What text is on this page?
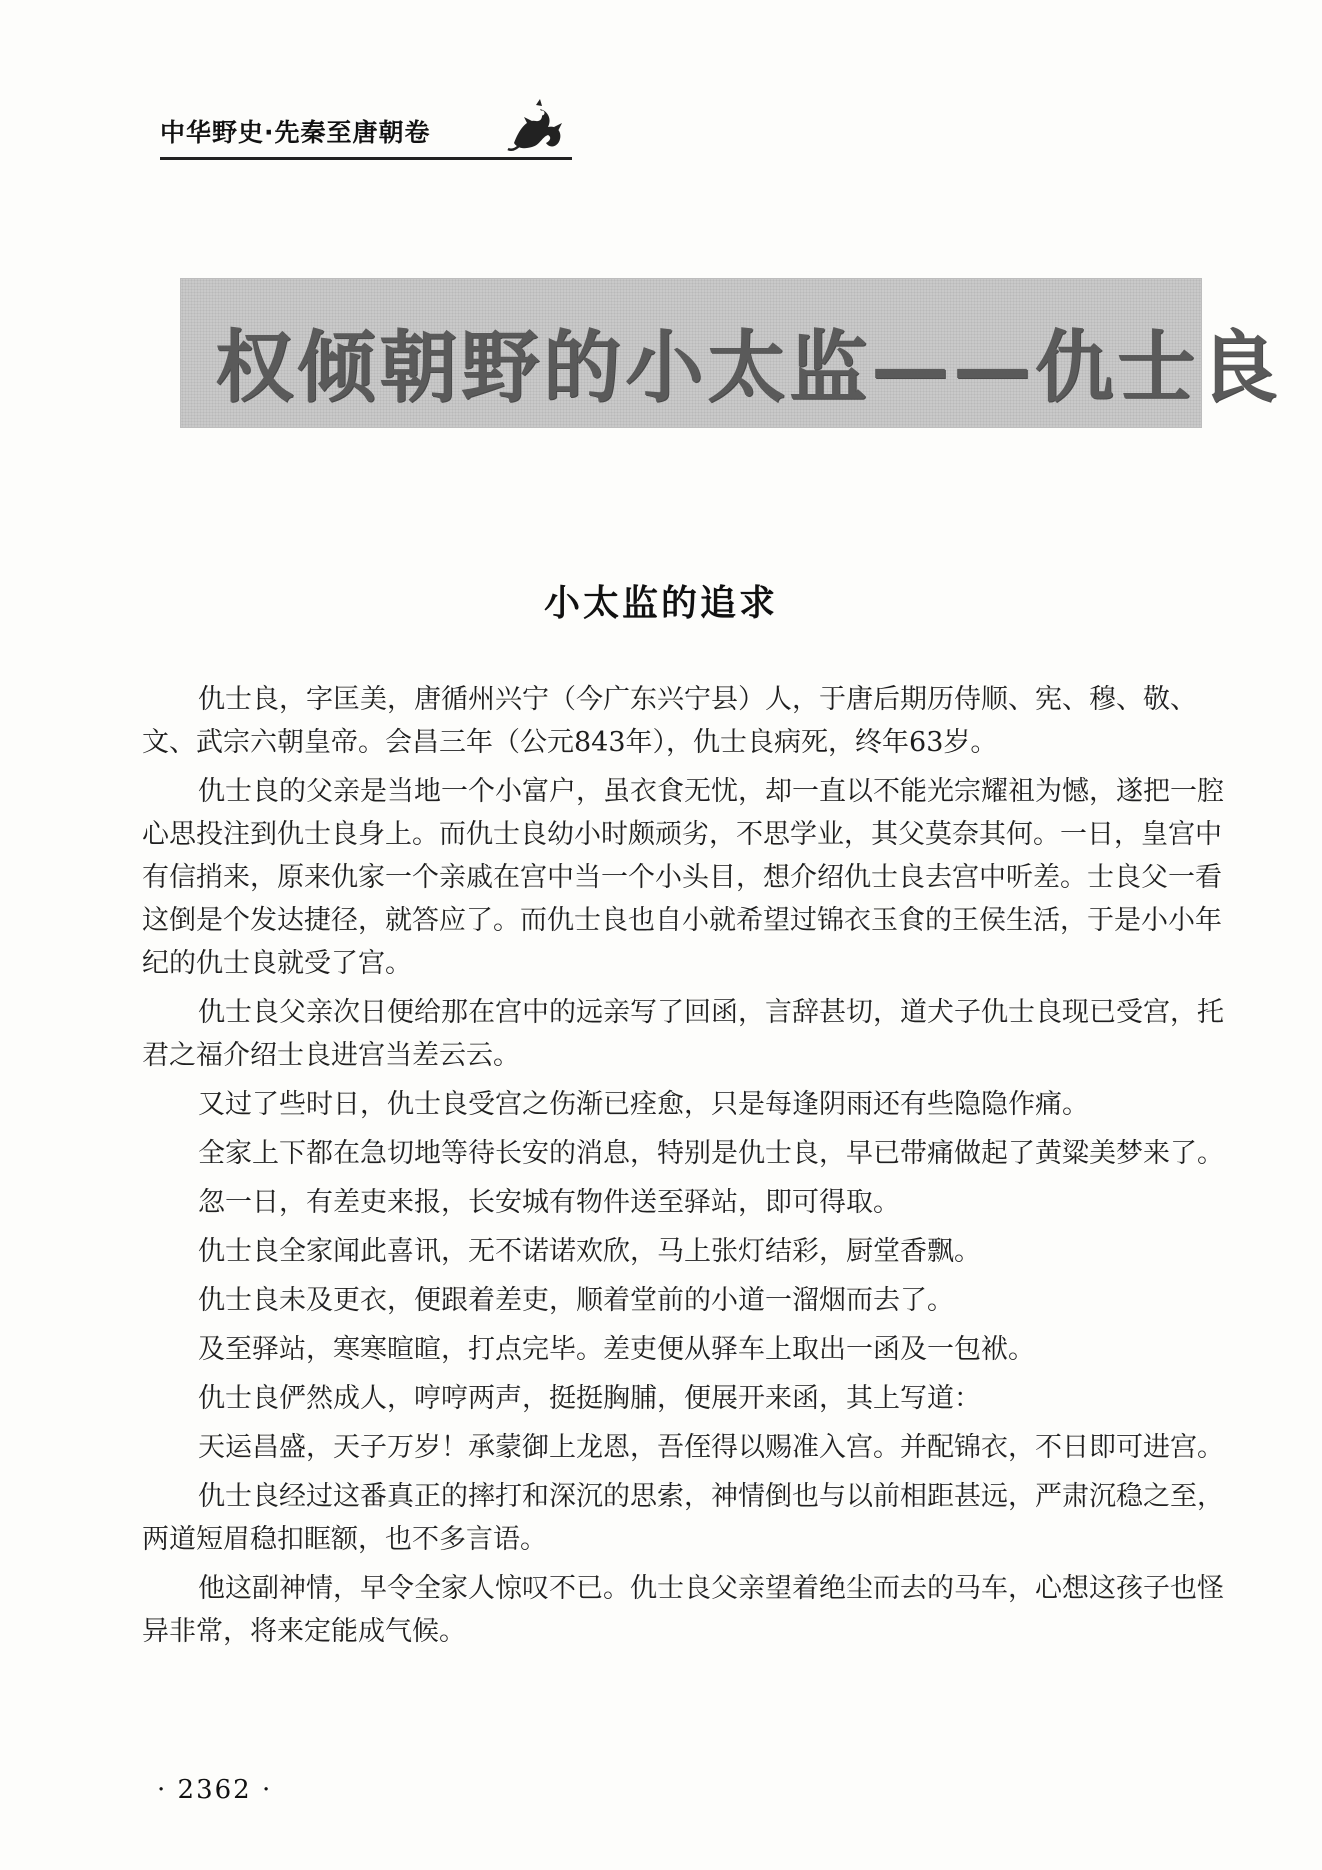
中华野史·先秦至唐朝卷
权倾朝野的小太监——仇士良
小太监的追求

仇士良，字匡美，唐循州兴宁（今广东兴宁县）人，于唐后期历侍顺、宪、穆、敬、文、武宗六朝皇帝。会昌三年（公元843年），仇士良病死，终年63岁。

仇士良的父亲是当地一个小富户，虽衣食无忧，却一直以不能光宗耀祖为憾，遂把一腔心思投注到仇士良身上。而仇士良幼小时颇顽劣，不思学业，其父莫奈其何。一日，皇宫中有信捎来，原来仇家一个亲戚在宫中当一个小头目，想介绍仇士良去宫中听差。士良父一看这倒是个发达捷径，就答应了。而仇士良也自小就希望过锦衣玉食的王侯生活，于是小小年纪的仇士良就受了宫。

仇士良父亲次日便给那在宫中的远亲写了回函，言辞甚切，道犬子仇士良现已受宫，托君之福介绍士良进宫当差云云。

又过了些时日，仇士良受宫之伤渐已痊愈，只是每逢阴雨还有些隐隐作痛。

全家上下都在急切地等待长安的消息，特别是仇士良，早已带痛做起了黄粱美梦来了。

忽一日，有差吏来报，长安城有物件送至驿站，即可得取。

仇士良全家闻此喜讯，无不诺诺欢欣，马上张灯结彩，厨堂香飘。

仇士良未及更衣，便跟着差吏，顺着堂前的小道一溜烟而去了。

及至驿站，寒寒暄暄，打点完毕。差吏便从驿车上取出一函及一包袱。

仇士良俨然成人，哼哼两声，挺挺胸脯，便展开来函，其上写道：

天运昌盛，天子万岁！承蒙御上龙恩，吾侄得以赐准入宫。并配锦衣，不日即可进宫。

仇士良经过这番真正的摔打和深沉的思索，神情倒也与以前相距甚远，严肃沉稳之至，两道短眉稳扣眶额，也不多言语。

他这副神情，早令全家人惊叹不已。仇士良父亲望着绝尘而去的马车，心想这孩子也怪异非常，将来定能成气候。

· 2362 ·
